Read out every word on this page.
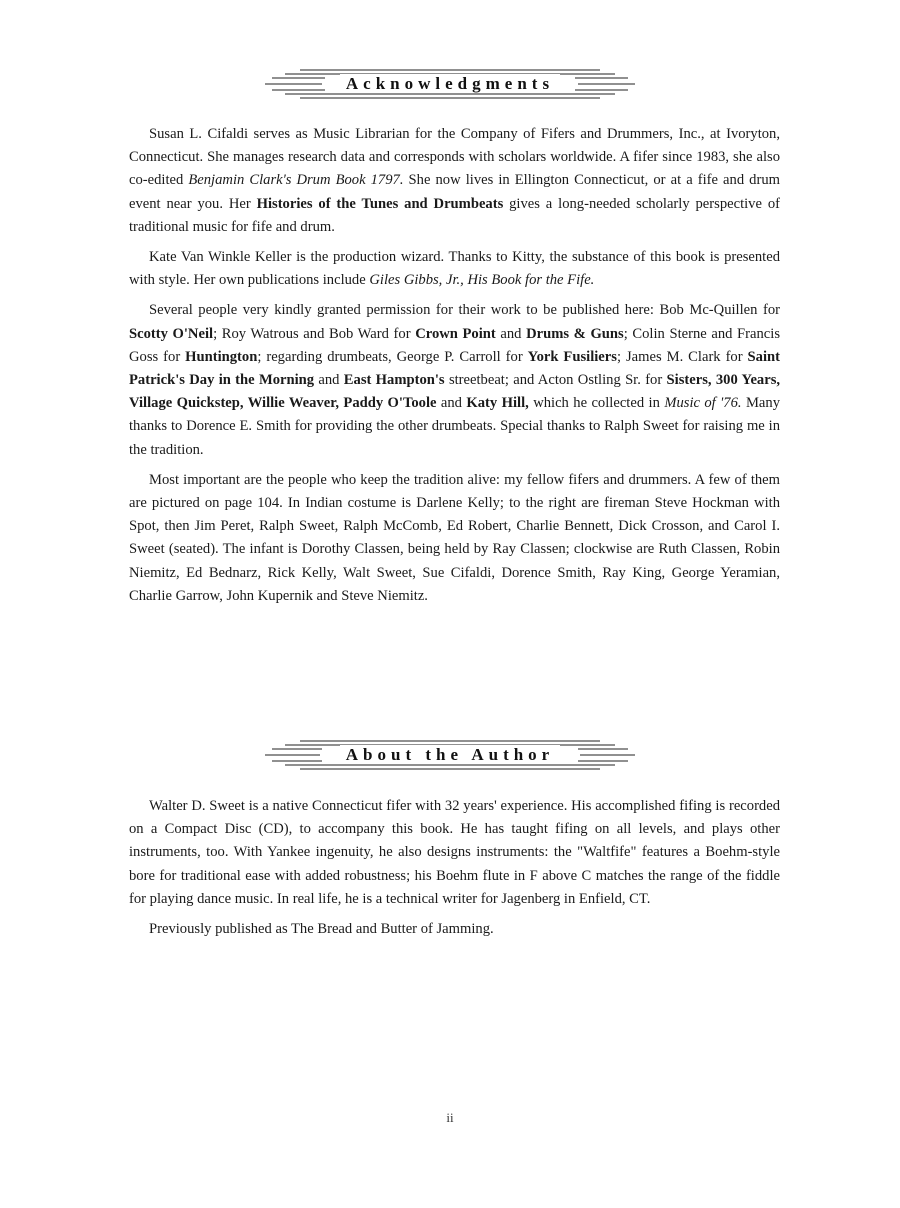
Acknowledgments

Susan L. Cifaldi serves as Music Librarian for the Company of Fifers and Drummers, Inc., at Ivoryton, Connecticut. She manages research data and corresponds with scholars worldwide. A fifer since 1983, she also co-edited Benjamin Clark's Drum Book 1797. She now lives in Ellington Connecticut, or at a fife and drum event near you. Her Histories of the Tunes and Drumbeats gives a long-needed scholarly perspective of traditional music for fife and drum.

Kate Van Winkle Keller is the production wizard. Thanks to Kitty, the substance of this book is presented with style. Her own publications include Giles Gibbs, Jr., His Book for the Fife.

Several people very kindly granted permission for their work to be published here: Bob Mc-Quillen for Scotty O'Neil; Roy Watrous and Bob Ward for Crown Point and Drums & Guns; Colin Sterne and Francis Goss for Huntington; regarding drumbeats, George P. Carroll for York Fusiliers; James M. Clark for Saint Patrick's Day in the Morning and East Hampton's streetbeat; and Acton Ostling Sr. for Sisters, 300 Years, Village Quickstep, Willie Weaver, Paddy O'Toole and Katy Hill, which he collected in Music of '76. Many thanks to Dorence E. Smith for providing the other drumbeats. Special thanks to Ralph Sweet for raising me in the tradition.

Most important are the people who keep the tradition alive: my fellow fifers and drummers. A few of them are pictured on page 104. In Indian costume is Darlene Kelly; to the right are fireman Steve Hockman with Spot, then Jim Peret, Ralph Sweet, Ralph McComb, Ed Robert, Charlie Bennett, Dick Crosson, and Carol I. Sweet (seated). The infant is Dorothy Classen, being held by Ray Classen; clockwise are Ruth Classen, Robin Niemitz, Ed Bednarz, Rick Kelly, Walt Sweet, Sue Cifaldi, Dorence Smith, Ray King, George Yeramian, Charlie Garrow, John Kupernik and Steve Niemitz.

About the Author

Walter D. Sweet is a native Connecticut fifer with 32 years' experience. His accomplished fifing is recorded on a Compact Disc (CD), to accompany this book. He has taught fifing on all levels, and plays other instruments, too. With Yankee ingenuity, he also designs instruments: the "Waltfife" features a Boehm-style bore for traditional ease with added robustness; his Boehm flute in F above C matches the range of the fiddle for playing dance music. In real life, he is a technical writer for Jagenberg in Enfield, CT.

Previously published as The Bread and Butter of Jamming.

ii
